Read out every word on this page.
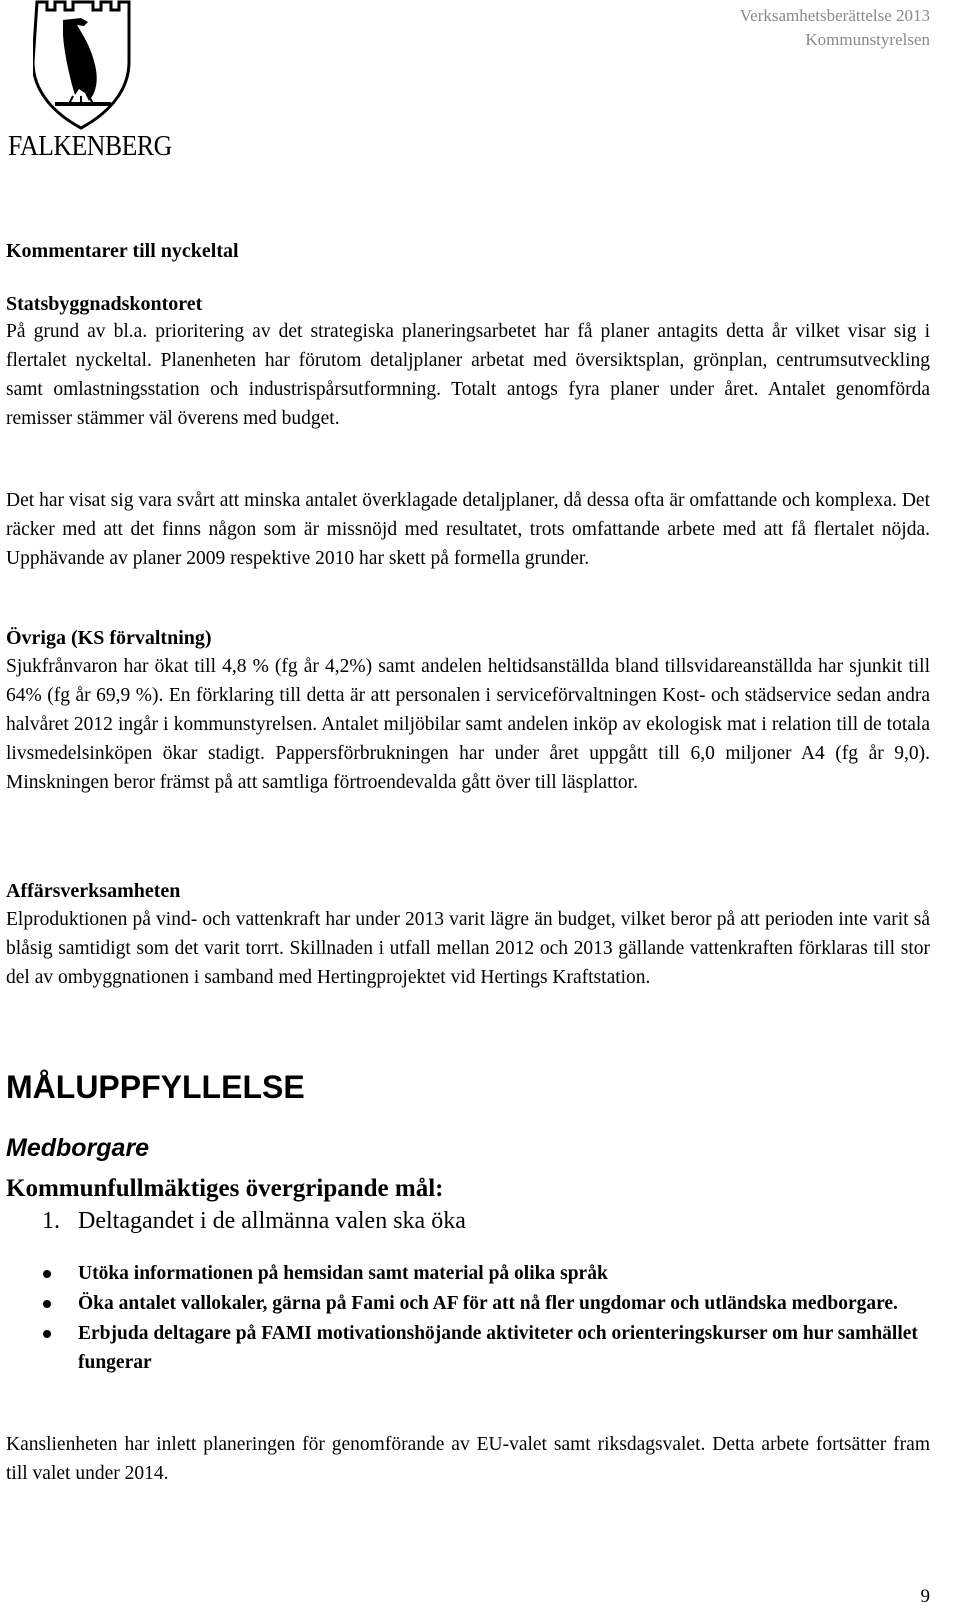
FALKENBERG
Verksamhetsberättelse 2013
Kommunstyrelsen
Kommentarer till nyckeltal
Statsbyggnadskontoret

På grund av bl.a. prioritering av det strategiska planeringsarbetet har få planer antagits detta år vilket visar sig i flertalet nyckeltal. Planenheten har förutom detaljplaner arbetat med översiktsplan, grönplan, centrumsutveckling samt omlastningsstation och industrispårsutformning. Totalt antogs fyra planer under året. Antalet genomförda remisser stämmer väl överens med budget.

Det har visat sig vara svårt att minska antalet överklagade detaljplaner, då dessa ofta är omfattande och komplexa. Det räcker med att det finns någon som är missnöjd med resultatet, trots omfattande arbete med att få flertalet nöjda. Upphävande av planer 2009 respektive 2010 har skett på formella grunder.

Övriga (KS förvaltning)

Sjukfrånvaron har ökat till 4,8 % (fg år 4,2%) samt andelen heltidsanställda bland tillsvidareanställda har sjunkit till 64% (fg år 69,9 %). En förklaring till detta är att personalen i serviceförvaltningen Kost- och städservice sedan andra halvåret 2012 ingår i kommunstyrelsen. Antalet miljöbilar samt andelen inköp av ekologisk mat i relation till de totala livsmedelsinköpen ökar stadigt. Pappersförbrukningen har under året uppgått till 6,0 miljoner A4 (fg år 9,0). Minskningen beror främst på att samtliga förtroendevalda gått över till läsplattor.

Affärsverksamheten

Elproduktionen på vind- och vattenkraft har under 2013 varit lägre än budget, vilket beror på att perioden inte varit så blåsig samtidigt som det varit torrt. Skillnaden i utfall mellan 2012 och 2013 gällande vattenkraften förklaras till stor del av ombyggnationen i samband med Hertingprojektet vid Hertings Kraftstation.

MÅLUPPFYLLELSE
Medborgare
Kommunfullmäktiges övergripande mål:
1. Deltagandet i de allmänna valen ska öka
Utöka informationen på hemsidan samt material på olika språk
Öka antalet vallokaler, gärna på Fami och AF för att nå fler ungdomar och utländska medborgare.
Erbjuda deltagare på FAMI motivationshöjande aktiviteter och orienteringskurser om hur samhället fungerar

Kanslienheten har inlett planeringen för genomförande av EU-valet samt riksdagsvalet. Detta arbete fortsätter fram till valet under 2014.

9
